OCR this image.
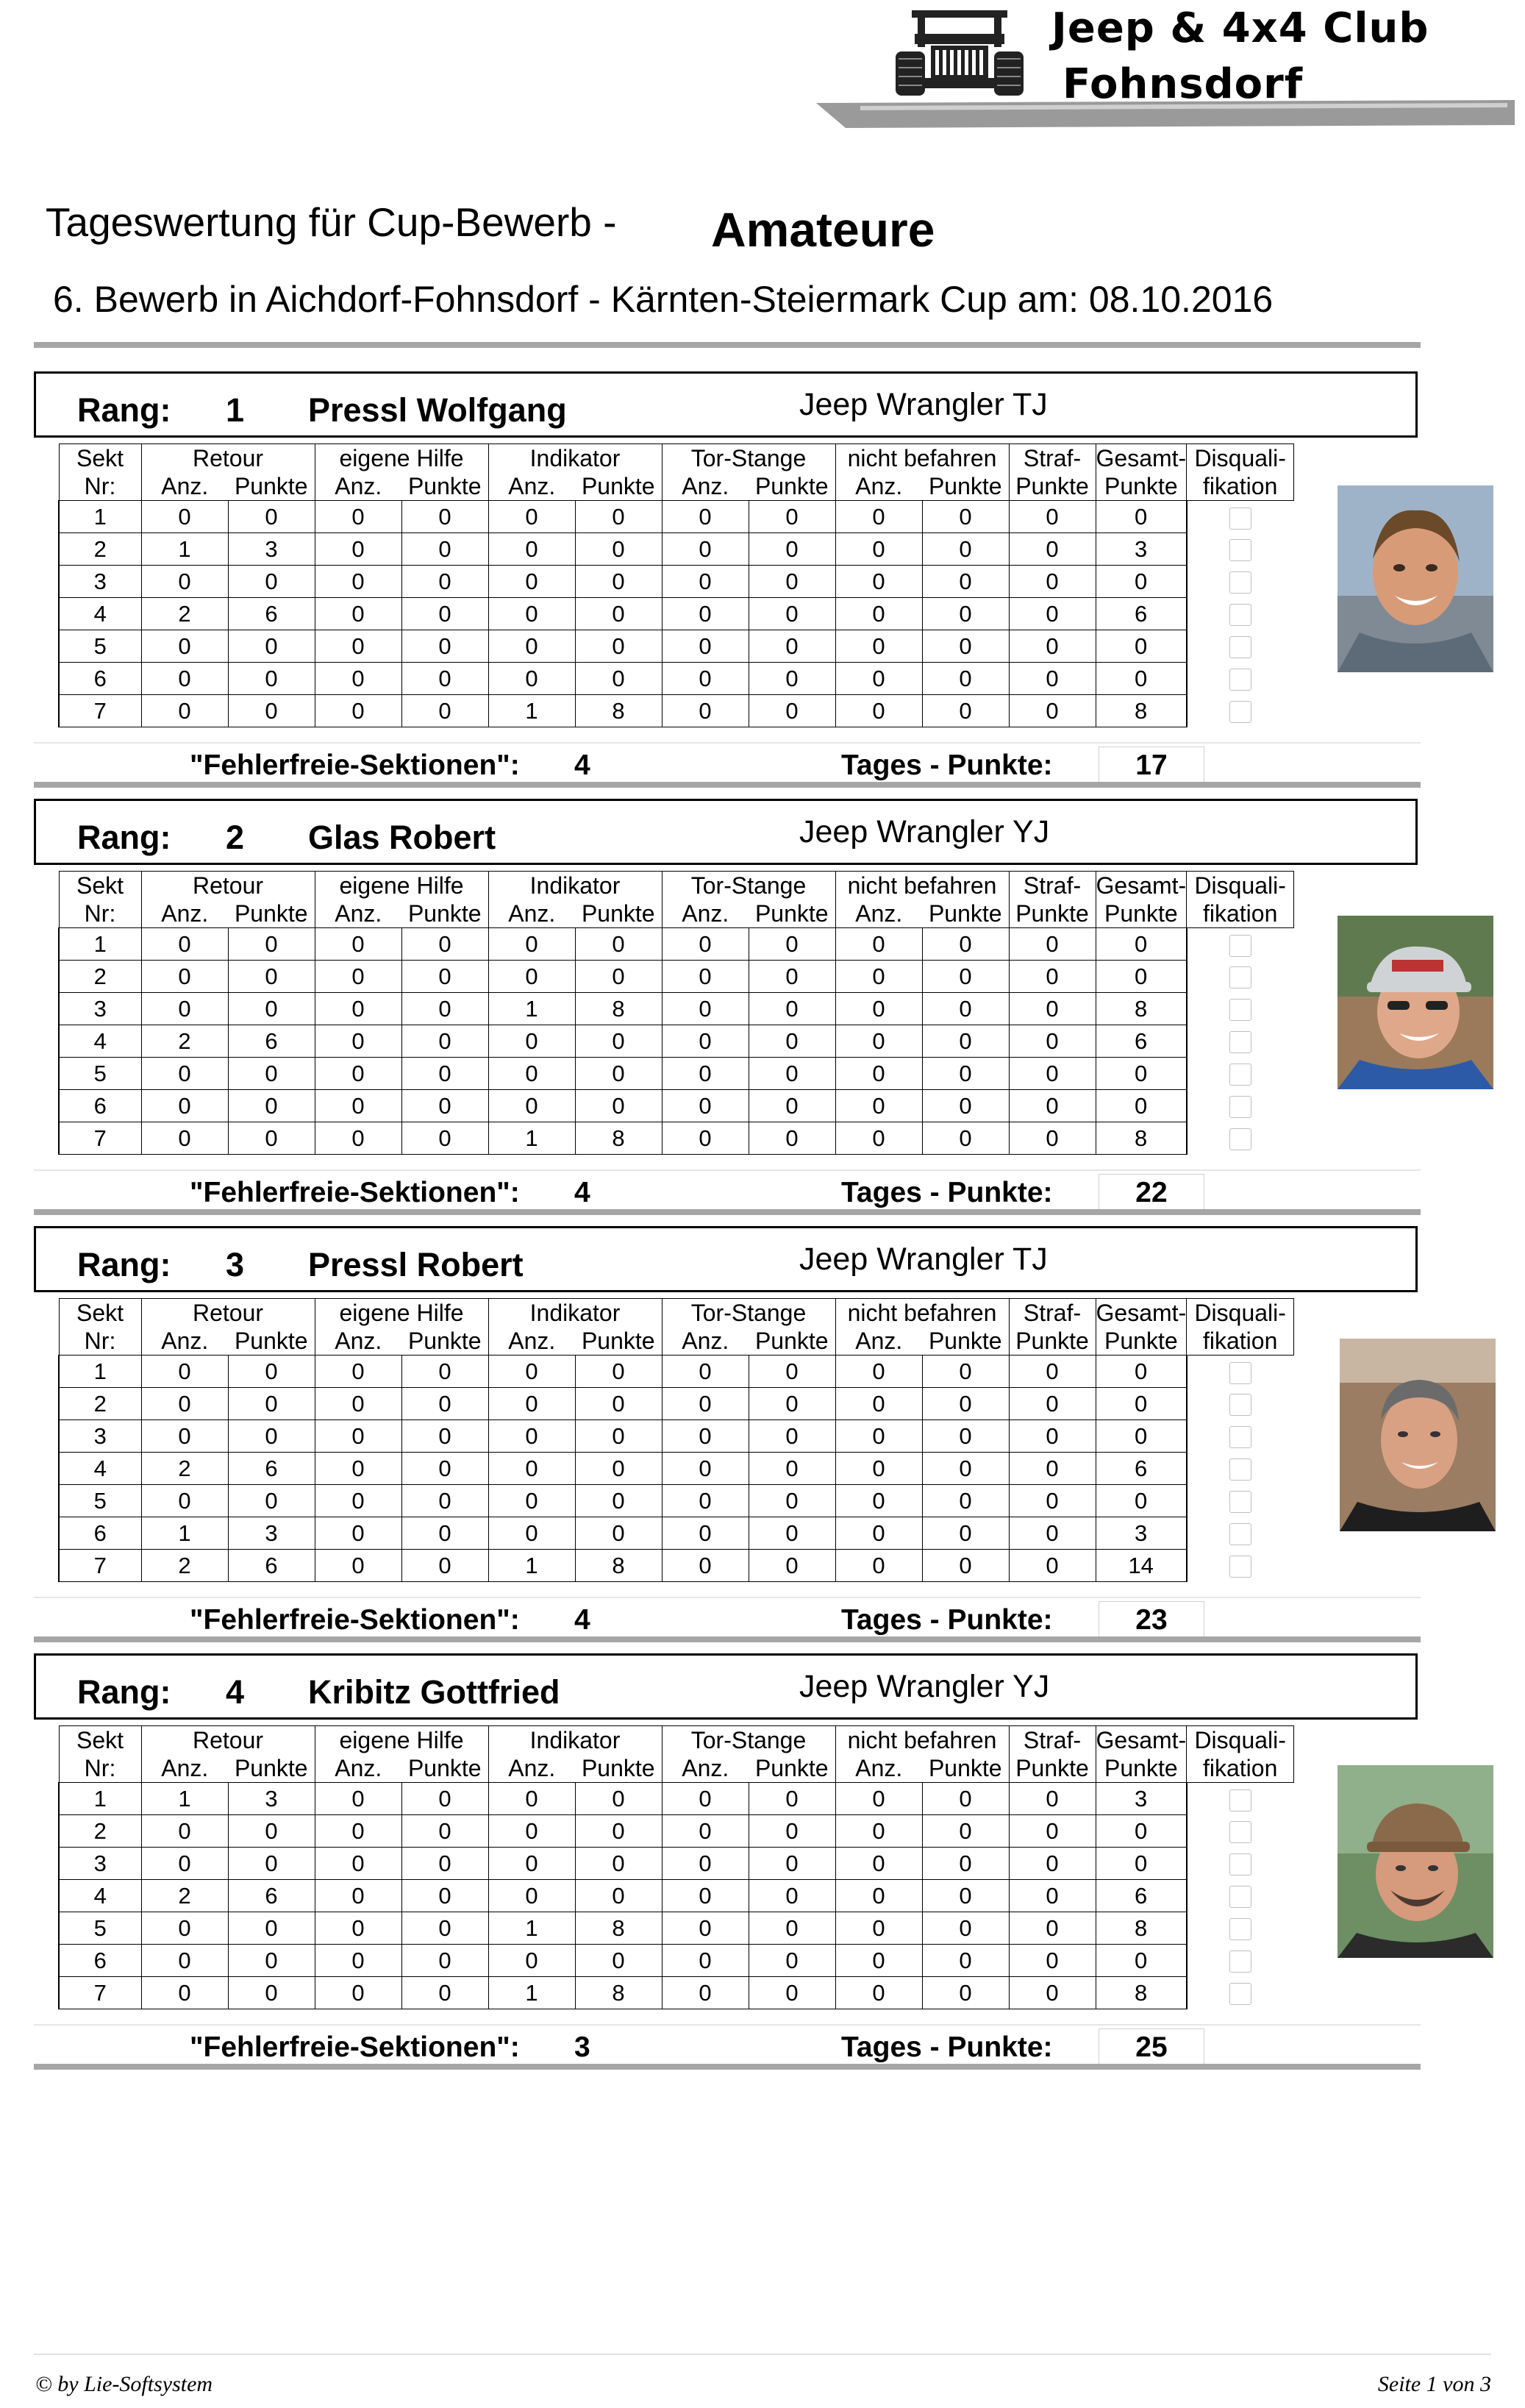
Jeep & 4x4 Club
Fohnsdorf
Tageswertung für Cup-Bewerb - Amateure
6. Bewerb in Aichdorf-Fohnsdorf - Kärnten-Steiermark Cup am: 08.10.2016
Rang: 1 Pressl Wolfgang	Jeep Wrangler TJ
Sekt	Retour		eigene Hilfe		Indikator		Tor-Stange		nicht befahren		Straf-	Gesamt-	Disquali-
Nr:	Anz.	Punkte	Anz.	Punkte	Anz.	Punkte	Anz.	Punkte	Anz.	Punkte	Punkte	Punkte	fikation
1	0	0	0	0	0	0	0	0	0	0	0	0	
2	1	3	0	0	0	0	0	0	0	0	0	3	
3	0	0	0	0	0	0	0	0	0	0	0	0	
4	2	6	0	0	0	0	0	0	0	0	0	6	
5	0	0	0	0	0	0	0	0	0	0	0	0	
6	0	0	0	0	0	0	0	0	0	0	0	0	
7	0	0	0	0	1	8	0	0	0	0	0	8	
"Fehlerfreie-Sektionen": 4	Tages - Punkte:	17
Rang: 2 Glas Robert	Jeep Wrangler YJ
Sekt	Retour		eigene Hilfe		Indikator		Tor-Stange		nicht befahren		Straf-	Gesamt-	Disquali-
Nr:	Anz.	Punkte	Anz.	Punkte	Anz.	Punkte	Anz.	Punkte	Anz.	Punkte	Punkte	Punkte	fikation
1	0	0	0	0	0	0	0	0	0	0	0	0	
2	0	0	0	0	0	0	0	0	0	0	0	0	
3	0	0	0	0	1	8	0	0	0	0	0	8	
4	2	6	0	0	0	0	0	0	0	0	0	6	
5	0	0	0	0	0	0	0	0	0	0	0	0	
6	0	0	0	0	0	0	0	0	0	0	0	0	
7	0	0	0	0	1	8	0	0	0	0	0	8	
"Fehlerfreie-Sektionen": 4	Tages - Punkte:	22
Rang: 3 Pressl Robert	Jeep Wrangler TJ
Sekt	Retour		eigene Hilfe		Indikator		Tor-Stange		nicht befahren		Straf-	Gesamt-	Disquali-
Nr:	Anz.	Punkte	Anz.	Punkte	Anz.	Punkte	Anz.	Punkte	Anz.	Punkte	Punkte	Punkte	fikation
1	0	0	0	0	0	0	0	0	0	0	0	0	
2	0	0	0	0	0	0	0	0	0	0	0	0	
3	0	0	0	0	0	0	0	0	0	0	0	0	
4	2	6	0	0	0	0	0	0	0	0	0	6	
5	0	0	0	0	0	0	0	0	0	0	0	0	
6	1	3	0	0	0	0	0	0	0	0	0	3	
7	2	6	0	0	1	8	0	0	0	0	0	14	
"Fehlerfreie-Sektionen": 4	Tages - Punkte:	23
Rang: 4 Kribitz Gottfried	Jeep Wrangler YJ
Sekt	Retour		eigene Hilfe		Indikator		Tor-Stange		nicht befahren		Straf-	Gesamt-	Disquali-
Nr:	Anz.	Punkte	Anz.	Punkte	Anz.	Punkte	Anz.	Punkte	Anz.	Punkte	Punkte	Punkte	fikation
1	1	3	0	0	0	0	0	0	0	0	0	3	
2	0	0	0	0	0	0	0	0	0	0	0	0	
3	0	0	0	0	0	0	0	0	0	0	0	0	
4	2	6	0	0	0	0	0	0	0	0	0	6	
5	0	0	0	0	1	8	0	0	0	0	0	8	
6	0	0	0	0	0	0	0	0	0	0	0	0	
7	0	0	0	0	1	8	0	0	0	0	0	8	
"Fehlerfreie-Sektionen": 3	Tages - Punkte:	25
© by Lie-Softsystem	Seite 1 von 3
